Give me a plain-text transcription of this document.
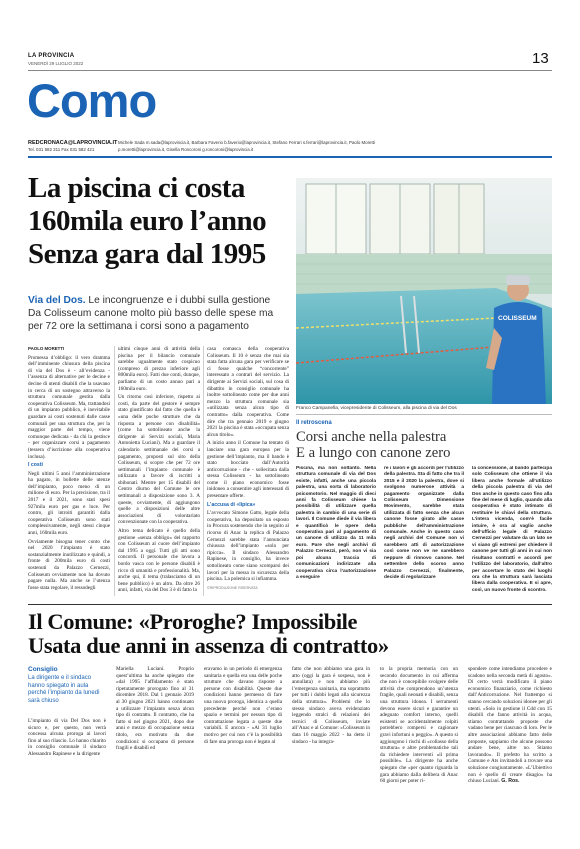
LA PROVINCIA
VENERDÌ 29 LUGLIO 2022	13
Como
REDCRONACA@LAPROVINCIA.IT
Tel. 031 582 311 Fax 031 582 421
Michele Sada m.sada@laprovincia.it, Barbara Faverio b.faverio@laprovincia.it, Stefano Ferrari s.ferrari@laprovincia.it, Paolo Moretti
p.moretti@laprovincia.it, Gisella Roncoroni g.roncoroni@laprovincia.it
La piscina ci costa
160mila euro l’anno
Senza gara dal 1995
Via del Dos. Le incongruenze e i dubbi sulla gestione Da Colisseum canone molto più basso delle spese ma per 72 ore la settimana i corsi sono a pagamento

PAOLO MORETTI

Promessa d’obbligo: il vero dramma dell’imminente chiusura della piscina di via del Dos è - all’evidenza - l’assenza di alternative per le decine e decine di utenti disabili che la usavano in cerca di un sostegno attraverso la struttura comunale gestita dalla cooperativa Colisseum. Ma, trattandosi di un impianto pubblico, è inevitabile guardare ai costi sostenuti dalle casse comunali per una struttura che, per la maggior parte del tempo, viene comunque dedicata - da chi la gestisce - per organizzare corsi a pagamento (tessera d’iscrizione alla cooperativa inclusa).

I costi

Negli ultimi 5 anni l’amministrazione ha pagato, in bollette delle utenze dell’impianto, poco meno di un milione di euro. Per la precisione, tra il 2017 e il 2021, sono stati spesi 927mila euro per gas e luce. Per contro, gli introiti garantiti dalla cooperativa Colisseum sono stati complessivamente, negli stessi cinque anni, 160mila euro.

Ovviamente bisogna tener conto che nel 2020 l’impianto è stato sostanzialmente inutilizzato e quindi, a fronte di 200mila euro di costi sostenuti da Palazzo Cernezzi, Colisseum ovviamente non ha dovuto pagare nulla. Ma anche se l’utenza fosse stata regolare, il ressodegli

ultimi cinque anni di attività della piscina per il bilancio comunale sarebbe ugualmente stato cospicuo (compreso di prezzo inferiore agli 800mila euro). Fatti due conti, dunque, parliamo di un costo annuo pari a 160mila euro.

Un ritorno così inferiore, rispetto ai costi, da parte del gestore è sempre stato giustificato dal fatto che quella è «una delle poche strutture che da risposta a persone con disabilità» (come ha sottolineato anche la dirigente ai Servizi sociali, Maria Antonietta Luciani). Ma a guardare il calendario settimanale dei corsi a pagamento, proposti sul sito della Colisseum, si scopre che per 72 ore settimanali l’impianto comunale è utilizzato a favore di iscritti a sbibonati. Mentre per 15 disabili del Centro diurno del Comune le ore settimanali a disposizione sono 3. A queste, ovviamente, di aggiungono quelle a disposizioni delle altre associazioni di volontariato convenzionate con la cooperativa.

Altro tema delicato è quello della gestione «senza obbligo» del rapporto con Colisseum al cuore dell’impianto dal 1995 a oggi. Tutti gli atti sono concordi. Il personale che lavora a bordo vasca con le persone disabili è ricco di umanità e professionalità. Ma, anche qui, il tema (tralasciamo di un bene pubblico) è un altro. Da oltre 26 anni, infatti, via del Dos 3 è di fatto la

casa comasca della cooperativa Colisseum. Il 10 è senza che mai sia stata fatta alcuna gara per verificare se ci fosse qualche “concorrente” interessato a contrari del servizio. La dirigente ai Servizi sociali, sul cosa di dibattito in consiglio comunale ha inoltre sottolineato come per due anni mezzo la struttura comunale sia «utilizzata senza alcun tipo di contratto» dalla cooperativa. Come dire che tra gennaio 2019 e giugno 2021 la piscina è stata «occupata senza alcun titolo».

A inizio anno il Comune ha tentato di lanciare una gara europea per la gestione dell’impianto, ma il bando è stato bocciato dall’Autorità anticorruzione - che - sollecitata dalla stessa Colisseum - ha sottolineato come il piano economico fosse inidoneo a consentire agli interessati di presentare offerte.

L’accusa di «lipica»

L’avvocato Simone Gatto, legale della cooperativa, ha depositato un esposto in Procura sostenendo che in seguito al ricorso di Anac la replica di Palazzo Cernezzi sarebbe stata l’annunciata chiusura dell’impianto «solo per ripicca». Il sindaco Alessandro Rapinese, in consiglio, ha invece sottolineato come siano scomparsi dei lavori per la messa in sicurezza della piscina. La polemica si infiamma.

©RIPRODUZIONE RISERVATA

COLISSEUM
Franco Campanella, vicepresidente di Colisseum, alla piscina di via del Dos
Il retroscena
Corsi anche nella palestra
E a lungo con canone zero
Piscina, ma non soltanto. Nella struttura comunale di via del Dos esiste, infatti, anche una piccola palestra, una sorta di laboratorio psicomotorio. Nel maggio di dieci anni fa Colisseum chiese la possibilità di utilizzare quella palestra in cambio di una serie di lavori. Il Comune diede il via libera e quantificò le opere della cooperativa pari al pagamento di un canone di utilizzo da 11 mila euro. Pare che negli archivi di Palazzo Cernezzi, però, non vi sia poi alcuna traccia di comunicazioni indirizzate alla cooperativa circa l’autorizzazione a eseguire
re i lavori e gli accordi per l’utilizzo della palestra. Sta di fatto che tra il 2015 e il 2020 la palestra, dove si svolgono numerose attività a pagamento organizzate dalla Colisseum Dimensione Movimento, sarebbe stata utilizzata di fatto senza che alcun canone fosse girato alle casse pubbliche dell’amministrazione comunale. Anche in questo caso negli archivi del Comune non vi sarebbero atti di autorizzazione così come non ve ne sarebbero neppure di rinnovo canone. Nel settembre dello scorso anno Palazzo Cernezzi, finalmente, decide di regolarizzare
la concessione, al bando partecipa solo Colisseum che ottiene il via libera anche formale all’utilizzo della piccola palestra di via del Dos anche in questo caso fino alla fine del mese di luglio, quando alla cooperativa è stato intimato di restituire le chiavi della struttura. L’intera vicenda, com’è facile intuire, è ora al vaglio anche dell’ufficio legale di Palazzo Cernezzi per valutare da un lato se vi siano gli estremi per chiedere il canone per tutti gli anni in cui non risultano contratti e accordi per l’utilizzo del laboratorio, dall’altro per accertare lo stato dei luoghi ora che la struttura sarà lasciata libera dalla cooperativa. E si apre, così, un nuovo fronte di scontro.
Il Comune: «Proroghe? Impossibile
Usata due anni in assenza di contratto»
Consiglio
La dirigente e il sindaco hanno spiegato in aula perché l’impianto da lunedì sarà chiuso
L’impianto di via Del Dos non è sicuro e, per questo, non verrà concessa alcuna proroga ai lavori fino al suo rilascio. Lo hanno chiarito in consiglio comunale il sindaco Alessandro Rapinese e la dirigente
Mariella Luciani. Proprio quest’ultima ha anche spiegato che «dal 1995 l’affidamento è stato ripetutamente prorogato fino al 31 dicembre 2018. Dal 1 gennaio 2019 al 30 giugno 2021 hanno continuato a utilizzare l’impianto senza alcun tipo di contratto. Il contratto, che ha fatto sì nel giugno 2021, dopo due anni e mezzo di occupazione senza titolo, era motivato da due condizioni: si occupano di persone fragili e disabili ed
eravamo in un periodo di emergenza sanitaria e quella era una delle poche strutture che davano risposte a persone con disabilità. Queste due condizioni hanno permesso di fare una nuova proroga, identica a quella precedente perché non c’erano spazio e termini per nessun tipo di contrattazione legata a queste due variabili. E ancora - «Al 31 luglio motivo per cui non c’è la possibilità di fare una proroga non è legato al
fatto che non abbiamo una gara in atto (oggi la gara è sospesa, non è annullata) e non abbiamo più l’emergenza sanitaria, ma soprattutto per tutti i dubbi legati alla sicurezza della struttura». Problemi che lo stesso sindaco aveva evidenziato leggendo stralci di relazioni dei tecnici di Colisseum, inviate all’Anac e al Comune: «Colisseum in data 16 maggio 2022 - ha detto il sindaco - ha integra-
to la propria memoria con un secondo documento in cui afferma che non è concepibile svolgere delle attività che comprendono un’utenza fragile, quali neonati e disabili, senza una struttura idonea. I serramenti devono essere sicuri e garantire un adeguato comfort interno, quelli esistenti se accidentalmente colpiti potrebbero rompersi e cagionare gravi infortuni o peggio». A questo si aggiungono i rischi di «collasso della struttura» e altre problematiche tali da richiedere interventi «il prima possibile». La dirigente ha anche spiegato che «per quanto riguarda la gara abbiamo dalla delibera di Anac 60 giorni per poter ri-
spondere come intendiamo procedere e scadono nella seconda metà di agosto». Di certo verrà modificato il piano economico finanziario, come richiesto dall’Anticorruzione. Nel frattempo si stanno cercando soluzioni idonee per gli utenti. «Solo in gestione il Cdd con 15 disabili che fanno attività in acqua, stiamo contrattando proposte che vadano bene per ciascuno di loro. Per le altre associazioni abbiamo fatto delle proposte, sappiamo che alcune possono andare bene, altre no. Stiamo lavorando». Il prefetto ha scritto a Comune e Ats invitandoli a trovare una soluzione congiuntamente. «L’Ubiettivo non è quello di creare disagio» ha chiuso Luciani. G. Ros.
